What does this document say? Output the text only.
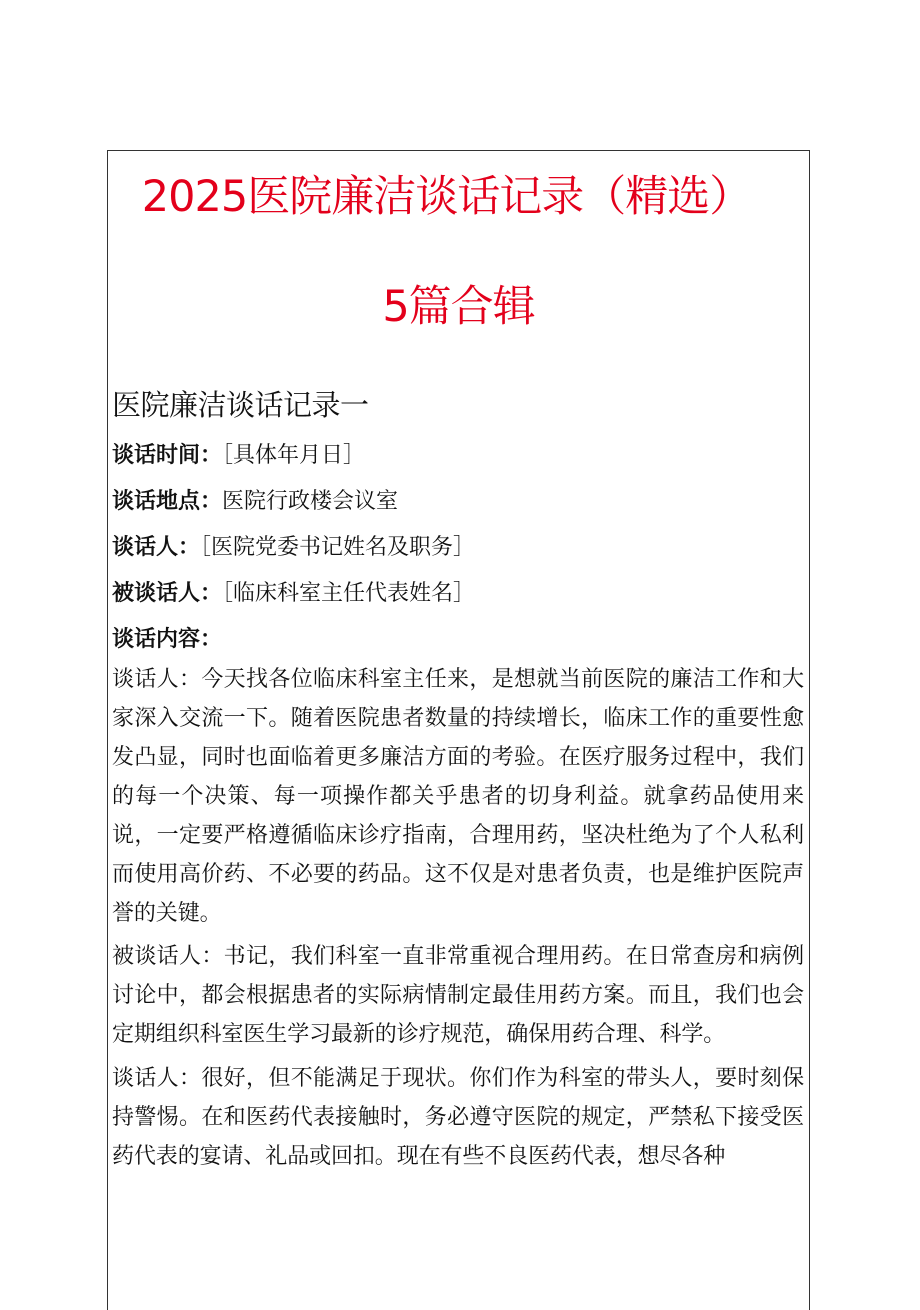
2025医院廉洁谈话记录（精选）
5篇合辑
医院廉洁谈话记录一
谈话时间：［具体年月日］
谈话地点：医院行政楼会议室
谈话人：［医院党委书记姓名及职务］
被谈话人：［临床科室主任代表姓名］
谈话内容：

谈话人：今天找各位临床科室主任来，是想就当前医院的廉洁工作和大家深入交流一下。随着医院患者数量的持续增长，临床工作的重要性愈发凸显，同时也面临着更多廉洁方面的考验。在医疗服务过程中，我们的每一个决策、每一项操作都关乎患者的切身利益。就拿药品使用来说，一定要严格遵循临床诊疗指南，合理用药，坚决杜绝为了个人私利而使用高价药、不必要的药品。这不仅是对患者负责，也是维护医院声誉的关键。

被谈话人：书记，我们科室一直非常重视合理用药。在日常查房和病例讨论中，都会根据患者的实际病情制定最佳用药方案。而且，我们也会定期组织科室医生学习最新的诊疗规范，确保用药合理、科学。

谈话人：很好，但不能满足于现状。你们作为科室的带头人，要时刻保持警惕。在和医药代表接触时，务必遵守医院的规定，严禁私下接受医药代表的宴请、礼品或回扣。现在有些不良医药代表，想尽各种
